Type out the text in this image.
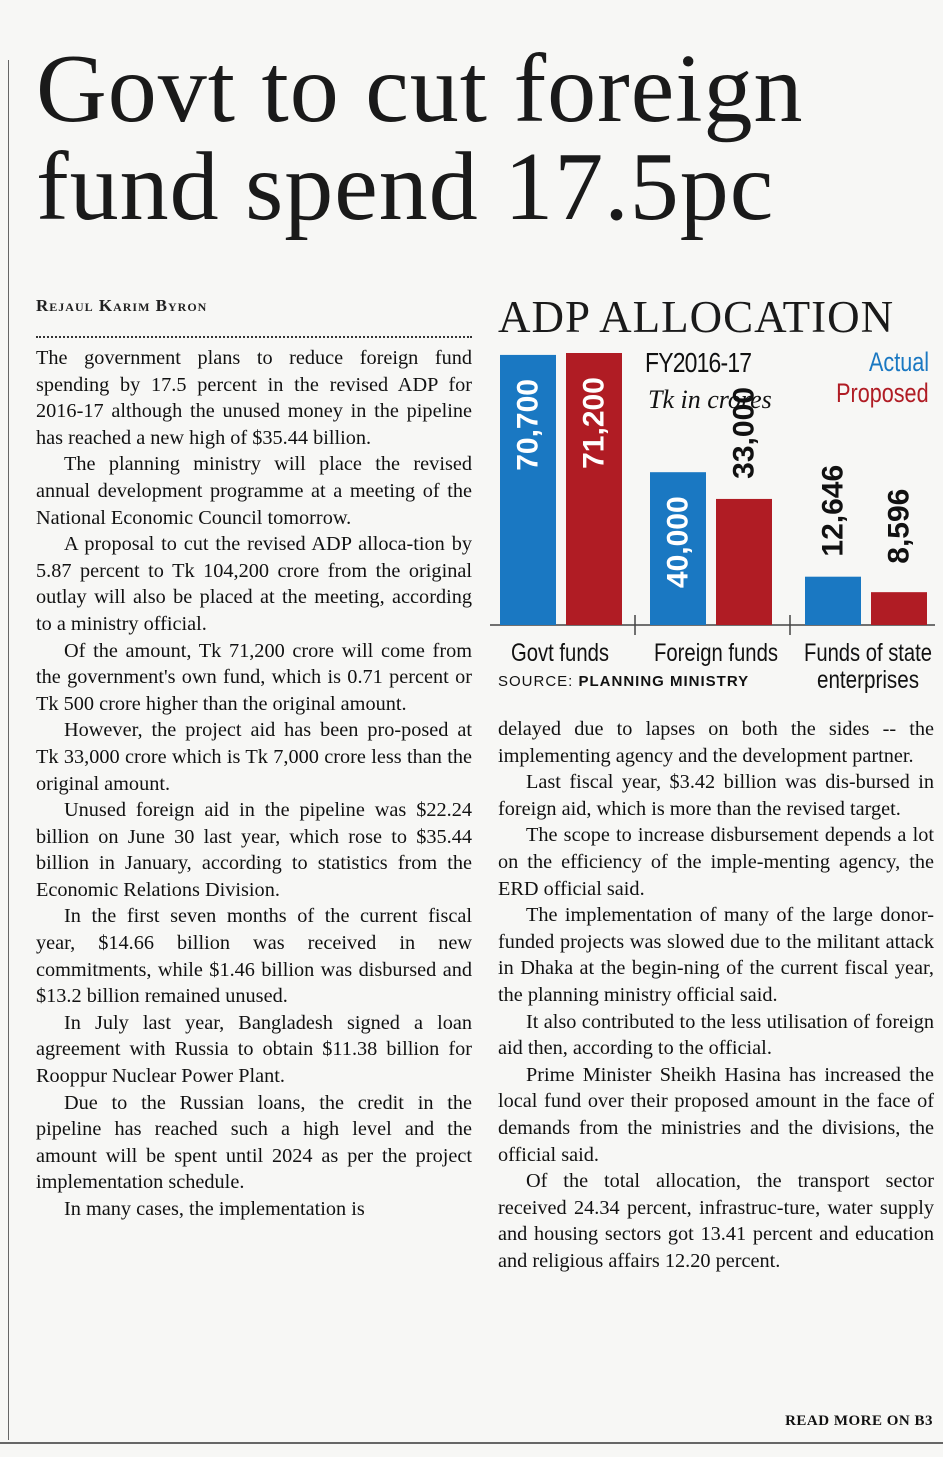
Govt to cut foreign fund spend 17.5pc
Rejaul Karim Byron

The government plans to reduce foreign fund spending by 17.5 percent in the revised ADP for 2016-17 although the unused money in the pipeline has reached a new high of $35.44 billion.

The planning ministry will place the revised annual development programme at a meeting of the National Economic Council tomorrow.

A proposal to cut the revised ADP alloca-tion by 5.87 percent to Tk 104,200 crore from the original outlay will also be placed at the meeting, according to a ministry official.

Of the amount, Tk 71,200 crore will come from the government's own fund, which is 0.71 percent or Tk 500 crore higher than the original amount.

However, the project aid has been pro-posed at Tk 33,000 crore which is Tk 7,000 crore less than the original amount.

Unused foreign aid in the pipeline was $22.24 billion on June 30 last year, which rose to $35.44 billion in January, according to statistics from the Economic Relations Division.

In the first seven months of the current fiscal year, $14.66 billion was received in new commitments, while $1.46 billion was disbursed and $13.2 billion remained unused.

In July last year, Bangladesh signed a loan agreement with Russia to obtain $11.38 billion for Rooppur Nuclear Power Plant.

Due to the Russian loans, the credit in the pipeline has reached such a high level and the amount will be spent until 2024 as per the project implementation schedule.

In many cases, the implementation is

delayed due to lapses on both the sides -- the implementing agency and the development partner.

Last fiscal year, $3.42 billion was dis-bursed in foreign aid, which is more than the revised target.

The scope to increase disbursement depends a lot on the efficiency of the imple-menting agency, the ERD official said.

The implementation of many of the large donor-funded projects was slowed due to the militant attack in Dhaka at the begin-ning of the current fiscal year, the planning ministry official said.

It also contributed to the less utilisation of foreign aid then, according to the official.

Prime Minister Sheikh Hasina has increased the local fund over their proposed amount in the face of demands from the ministries and the divisions, the official said.

Of the total allocation, the transport sector received 24.34 percent, infrastruc-ture, water supply and housing sectors got 13.41 percent and education and religious affairs 12.20 percent.

ADP ALLOCATION
70,700 71,200
40,000
33,000
12,646 8,596
Govt funds Foreign funds Funds of state
enterprises
FY2016-17
Tk in crores
Actual
Proposed
SOURCE: PLANNING MINISTRY
READ MORE ON B3
